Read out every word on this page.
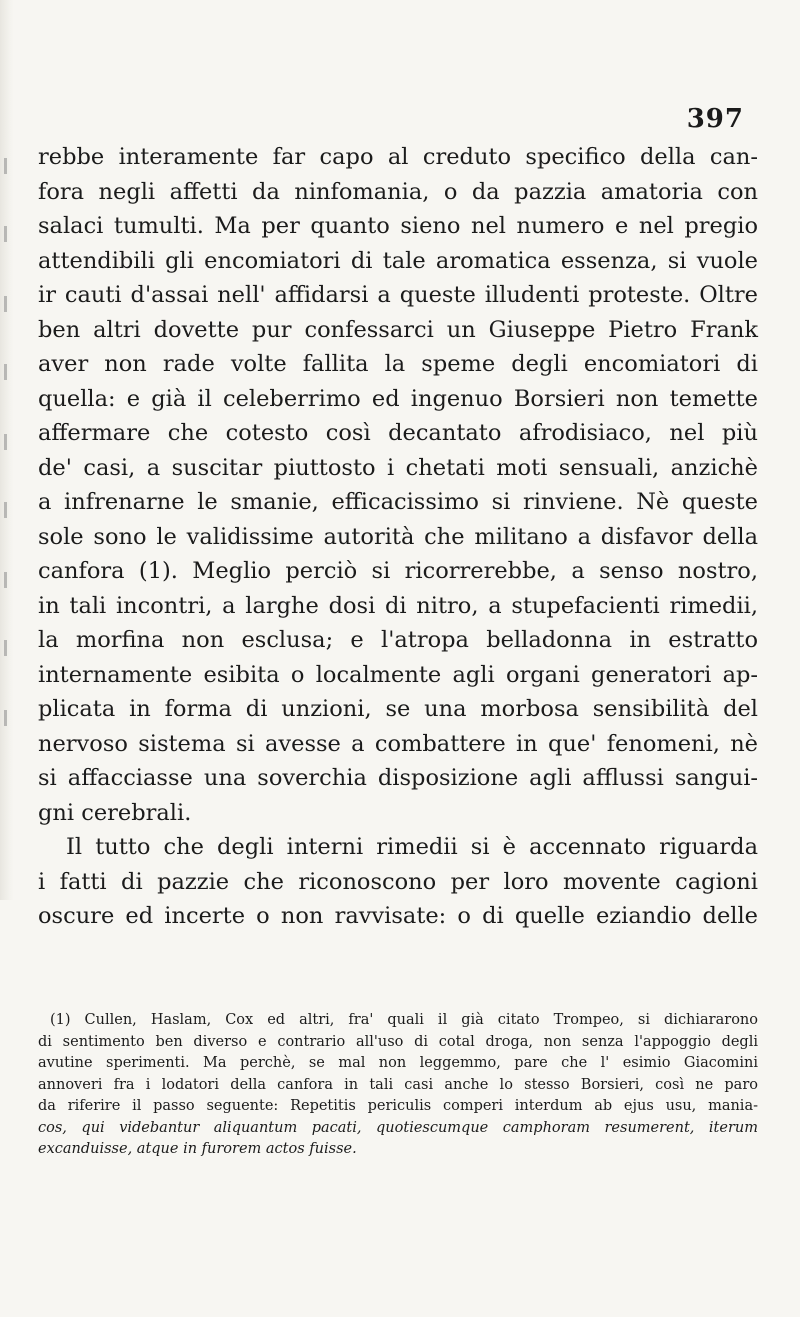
397
rebbe interamente far capo al creduto specifico della can-
fora negli affetti da ninfomania, o da pazzia amatoria con
salaci tumulti. Ma per quanto sieno nel numero e nel pregio
attendibili gli encomiatori di tale aromatica essenza, si vuole
ir cauti d'assai nell' affidarsi a queste illudenti proteste. Oltre
ben altri dovette pur confessarci un Giuseppe Pietro Frank
aver non rade volte fallita la speme degli encomiatori di
quella: e già il celeberrimo ed ingenuo Borsieri non temette
affermare che cotesto così decantato afrodisiaco, nel più
de' casi, a suscitar piuttosto i chetati moti sensuali, anzichè
a infrenarne le smanie, efficacissimo si rinviene. Nè queste
sole sono le validissime autorità che militano a disfavor della
canfora (1). Meglio perciò si ricorrerebbe, a senso nostro,
in tali incontri, a larghe dosi di nitro, a stupefacienti rimedii,
la morfina non esclusa; e l'atropa belladonna in estratto
internamente esibita o localmente agli organi generatori ap-
plicata in forma di unzioni, se una morbosa sensibilità del
nervoso sistema si avesse a combattere in que' fenomeni, nè
si affacciasse una soverchia disposizione agli afflussi sangui-
gni cerebrali.
Il tutto che degli interni rimedii si è accennato riguarda
i fatti di pazzie che riconoscono per loro movente cagioni
oscure ed incerte o non ravvisate: o di quelle eziandio delle
(1) Cullen, Haslam, Cox ed altri, fra' quali il già citato Trompeo, si dichiararono
di sentimento ben diverso e contrario all'uso di cotal droga, non senza l'appoggio degli
avutine sperimenti. Ma perchè, se mal non leggemmo, pare che l' esimio Giacomini
annoveri fra i lodatori della canfora in tali casi anche lo stesso Borsieri, così ne paro
da riferire il passo seguente: Repetitis periculis comperi interdum ab ejus usu, mania-
cos, qui videbantur aliquantum pacati, quotiescumque camphoram resumerent, iterum
excanduisse, atque in furorem actos fuisse.
